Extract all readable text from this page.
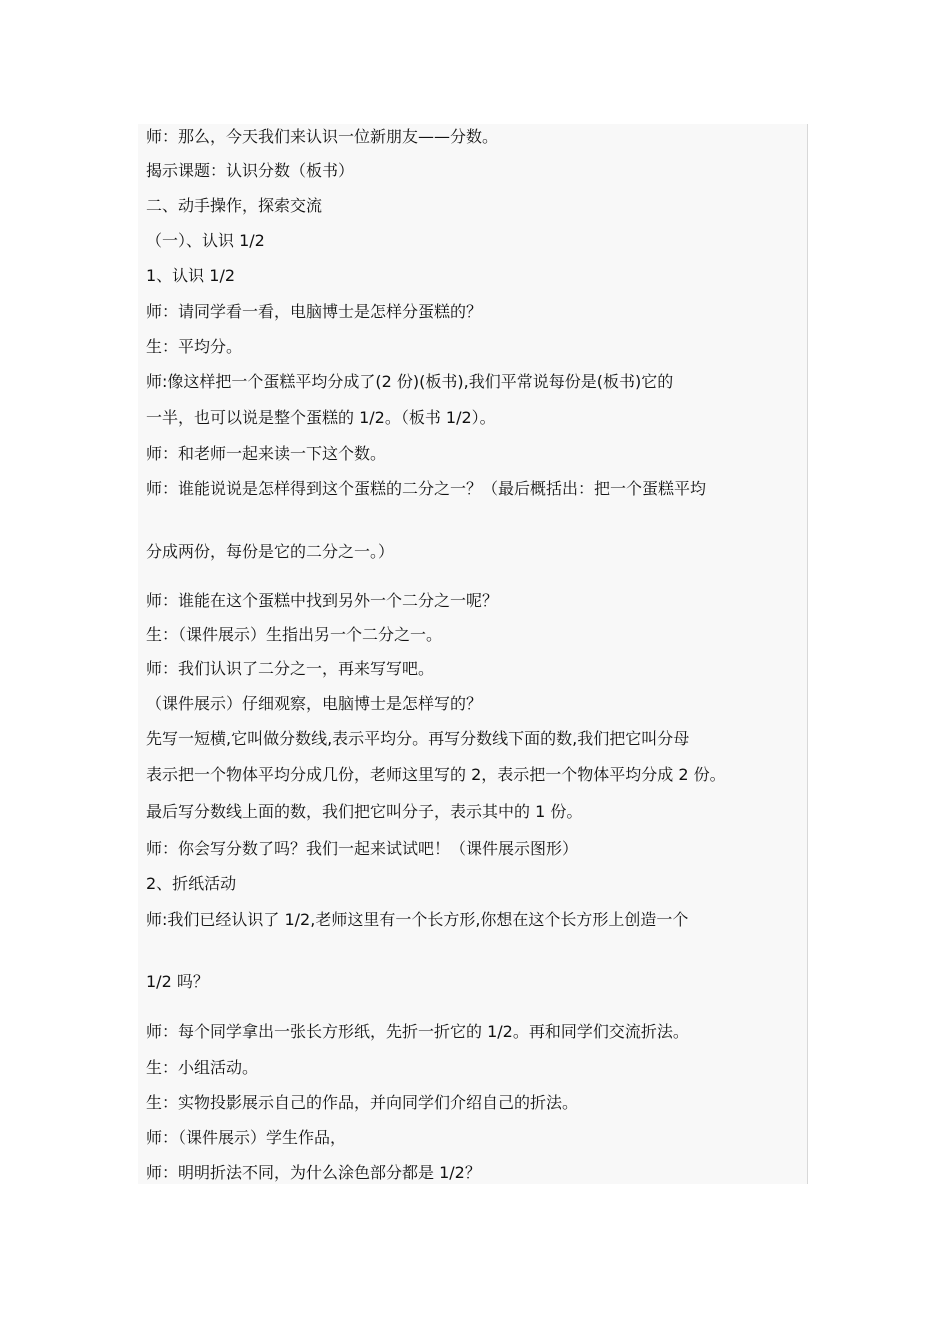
师：那么，今天我们来认识一位新朋友——分数。
揭示课题：认识分数（板书）
二、动手操作，探索交流
（一）、认识 1/2
1、认识 1/2
师：请同学看一看，电脑博士是怎样分蛋糕的？
生：平均分。
师:像这样把一个蛋糕平均分成了(2 份)(板书),我们平常说每份是(板书)它的
一半，也可以说是整个蛋糕的 1/2。（板书 1/2）。
师：和老师一起来读一下这个数。
师：谁能说说是怎样得到这个蛋糕的二分之一？（最后概括出：把一个蛋糕平均
分成两份，每份是它的二分之一。）
师：谁能在这个蛋糕中找到另外一个二分之一呢？
生：（课件展示）生指出另一个二分之一。
师：我们认识了二分之一，再来写写吧。
（课件展示）仔细观察，电脑博士是怎样写的？
先写一短横,它叫做分数线,表示平均分。再写分数线下面的数,我们把它叫分母
表示把一个物体平均分成几份，老师这里写的 2，表示把一个物体平均分成 2 份。
最后写分数线上面的数，我们把它叫分子，表示其中的 1 份。
师：你会写分数了吗？我们一起来试试吧！（课件展示图形）
2、折纸活动
师:我们已经认识了 1/2,老师这里有一个长方形,你想在这个长方形上创造一个
1/2 吗？
师：每个同学拿出一张长方形纸，先折一折它的 1/2。再和同学们交流折法。
生：小组活动。
生：实物投影展示自己的作品，并向同学们介绍自己的折法。
师：（课件展示）学生作品，
师：明明折法不同，为什么涂色部分都是 1/2？
